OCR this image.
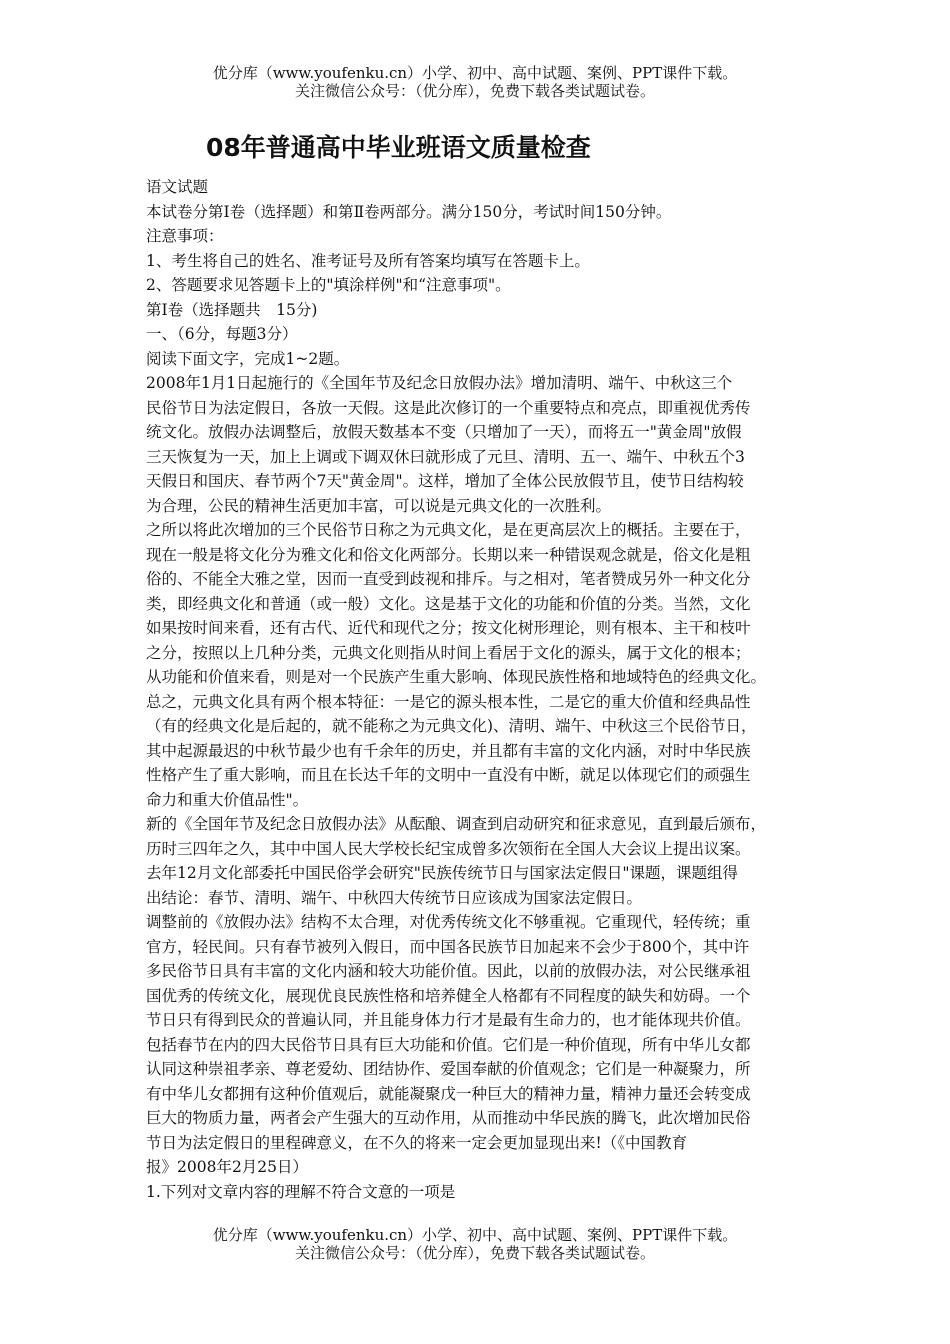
优分库（www.youfenku.cn）小学、初中、高中试题、案例、PPT课件下载。
关注微信公众号：（优分库），免费下载各类试题试卷。
08年普通高中毕业班语文质量检查

语文试题

本试卷分第Ⅰ卷（选择题）和第Ⅱ卷两部分。满分150分，考试时间150分钟。

注意事项：

1、考生将自己的姓名、准考证号及所有答案均填写在答题卡上。

2、答题要求见答题卡上的"填涂样例"和“注意事项"。

第Ⅰ卷（选择题共　15分)

一、（6分，每题3分）

阅读下面文字，完成1~2题。

2008年1月1日起施行的《全国年节及纪念日放假办法》增加清明、端午、中秋这三个

民俗节日为法定假日，各放一天假。这是此次修订的一个重要特点和亮点，即重视优秀传

统文化。放假办法调整后，放假天数基本不变（只增加了一天），而将五一"黄金周"放假

三天恢复为一天，加上上调或下调双休曰就形成了元旦、清明、五一、端午、中秋五个3

天假日和国庆、春节两个7天"黄金周"。这样，增加了全体公民放假节且，使节日结构较

为合理，公民的精神生活更加丰富，可以说是元典文化的一次胜利。

之所以将此次增加的三个民俗节日称之为元典文化，是在更高层次上的概括。主要在于，

现在一般是将文化分为雅文化和俗文化两部分。长期以来一种错误观念就是，俗文化是粗

俗的、不能全大雅之堂，因而一直受到歧视和排斥。与之相对，笔者赞成另外一种文化分

类，即经典文化和普通（或一般）文化。这是基于文化的功能和价值的分类。当然，文化

如果按时间来看，还有古代、近代和现代之分；按文化树形理论，则有根本、主干和枝叶

之分，按照以上几种分类，元典文化则指从时间上看居于文化的源头，属于文化的根本；

从功能和价值来看，则是对一个民族产生重大影响、体现民族性格和地域特色的经典文化。

总之，元典文化具有两个根本特征：一是它的源头根本性，二是它的重大价值和经典品性

（有的经典文化是后起的，就不能称之为元典文化)、清明、端午、中秋这三个民俗节日，

其中起源最迟的中秋节最少也有千余年的历史，并且都有丰富的文化内涵，对时中华民族

性格产生了重大影响，而且在长达千年的文明中一直没有中断，就足以体现它们的顽强生

命力和重大价值品性"。

新的《全国年节及纪念日放假办法》从酝酿、调查到启动研究和征求意见，直到最后颁布，

历时三四年之久，其中中国人民大学校长纪宝成曾多次领衔在全国人大会议上提出议案。

去年12月文化部委托中国民俗学会研究"民族传统节日与国家法定假日"课题，课题组得

出结论：春节、清明、端午、中秋四大传统节日应该成为国家法定假日。

调整前的《放假办法》结构不太合理，对优秀传统文化不够重视。它重现代，轻传统；重

官方，轻民间。只有春节被列入假日，而中国各民族节日加起来不会少于800个，其中许

多民俗节日具有丰富的文化内涵和较大功能价值。因此，以前的放假办法，对公民继承祖

国优秀的传统文化，展现优良民族性格和培养健全人格都有不同程度的缺失和妨碍。一个

节日只有得到民众的普遍认同，并且能身体力行才是最有生命力的，也才能体现共价值。

包括春节在内的四大民俗节日具有巨大功能和价值。它们是一种价值现，所有中华儿女都

认同这种崇祖孝亲、尊老爱幼、团结协作、爱国奉献的价值观念；它们是一种凝聚力，所

有中华儿女都拥有这种价值观后，就能凝聚戊一种巨大的精神力量，精神力量还会转变成

巨大的物质力量，两者会产生强大的互动作用，从而推动中华民族的腾飞，此次增加民俗

节日为法定假日的里程碑意义，在不久的将来一定会更加显现出来!（《中国教育

报》2008年2月25日）

1.下列对文章内容的理解不符合文意的一项是

优分库（www.youfenku.cn）小学、初中、高中试题、案例、PPT课件下载。
关注微信公众号：（优分库），免费下载各类试题试卷。
